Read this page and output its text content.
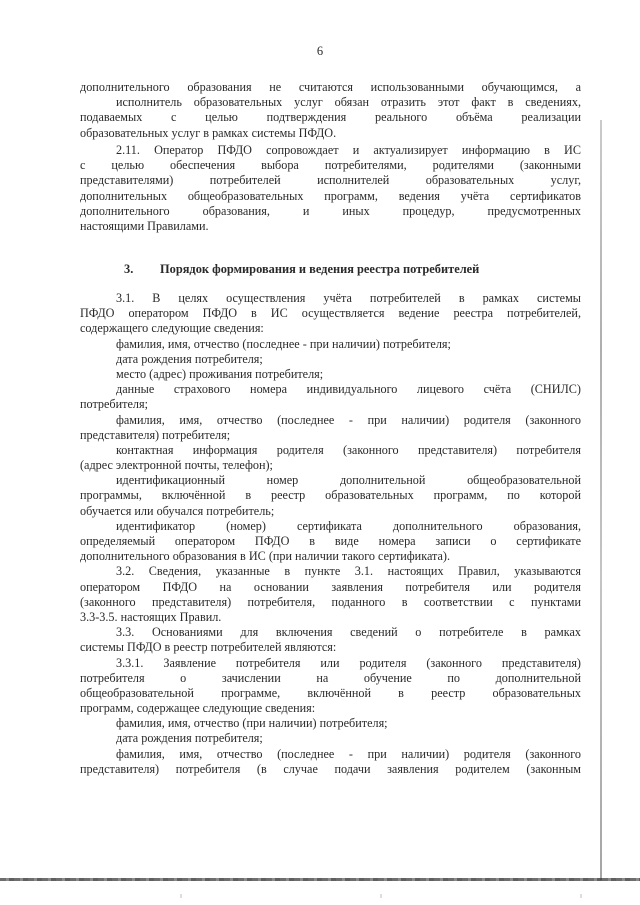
6
дополнительного образования не считаются использованными обучающимся, а
исполнитель образовательных услуг обязан отразить этот факт в сведениях,
подаваемых с целью подтверждения реального объёма реализации
образовательных услуг в рамках системы ПФДО.
2.11. Оператор ПФДО сопровождает и актуализирует информацию в ИС
с целью обеспечения выбора потребителями, родителями (законными
представителями) потребителей исполнителей образовательных услуг,
дополнительных общеобразовательных программ, ведения учёта сертификатов
дополнительного образования, и иных процедур, предусмотренных
настоящими Правилами.
3. Порядок формирования и ведения реестра потребителей
3.1. В целях осуществления учёта потребителей в рамках системы
ПФДО оператором ПФДО в ИС осуществляется ведение реестра потребителей,
содержащего следующие сведения:
фамилия, имя, отчество (последнее - при наличии) потребителя;
дата рождения потребителя;
место (адрес) проживания потребителя;
данные страхового номера индивидуального лицевого счёта (СНИЛС)
потребителя;
фамилия, имя, отчество (последнее - при наличии) родителя (законного
представителя) потребителя;
контактная информация родителя (законного представителя) потребителя
(адрес электронной почты, телефон);
идентификационный номер дополнительной общеобразовательной
программы, включённой в реестр образовательных программ, по которой
обучается или обучался потребитель;
идентификатор (номер) сертификата дополнительного образования,
определяемый оператором ПФДО в виде номера записи о сертификате
дополнительного образования в ИС (при наличии такого сертификата).
3.2. Сведения, указанные в пункте 3.1. настоящих Правил, указываются
оператором ПФДО на основании заявления потребителя или родителя
(законного представителя) потребителя, поданного в соответствии с пунктами
3.3-3.5. настоящих Правил.
3.3. Основаниями для включения сведений о потребителе в рамках
системы ПФДО в реестр потребителей являются:
3.3.1. Заявление потребителя или родителя (законного представителя)
потребителя о зачислении на обучение по дополнительной
общеобразовательной программе, включённой в реестр образовательных
программ, содержащее следующие сведения:
фамилия, имя, отчество (при наличии) потребителя;
дата рождения потребителя;
фамилия, имя, отчество (последнее - при наличии) родителя (законного
представителя) потребителя (в случае подачи заявления родителем (законным
